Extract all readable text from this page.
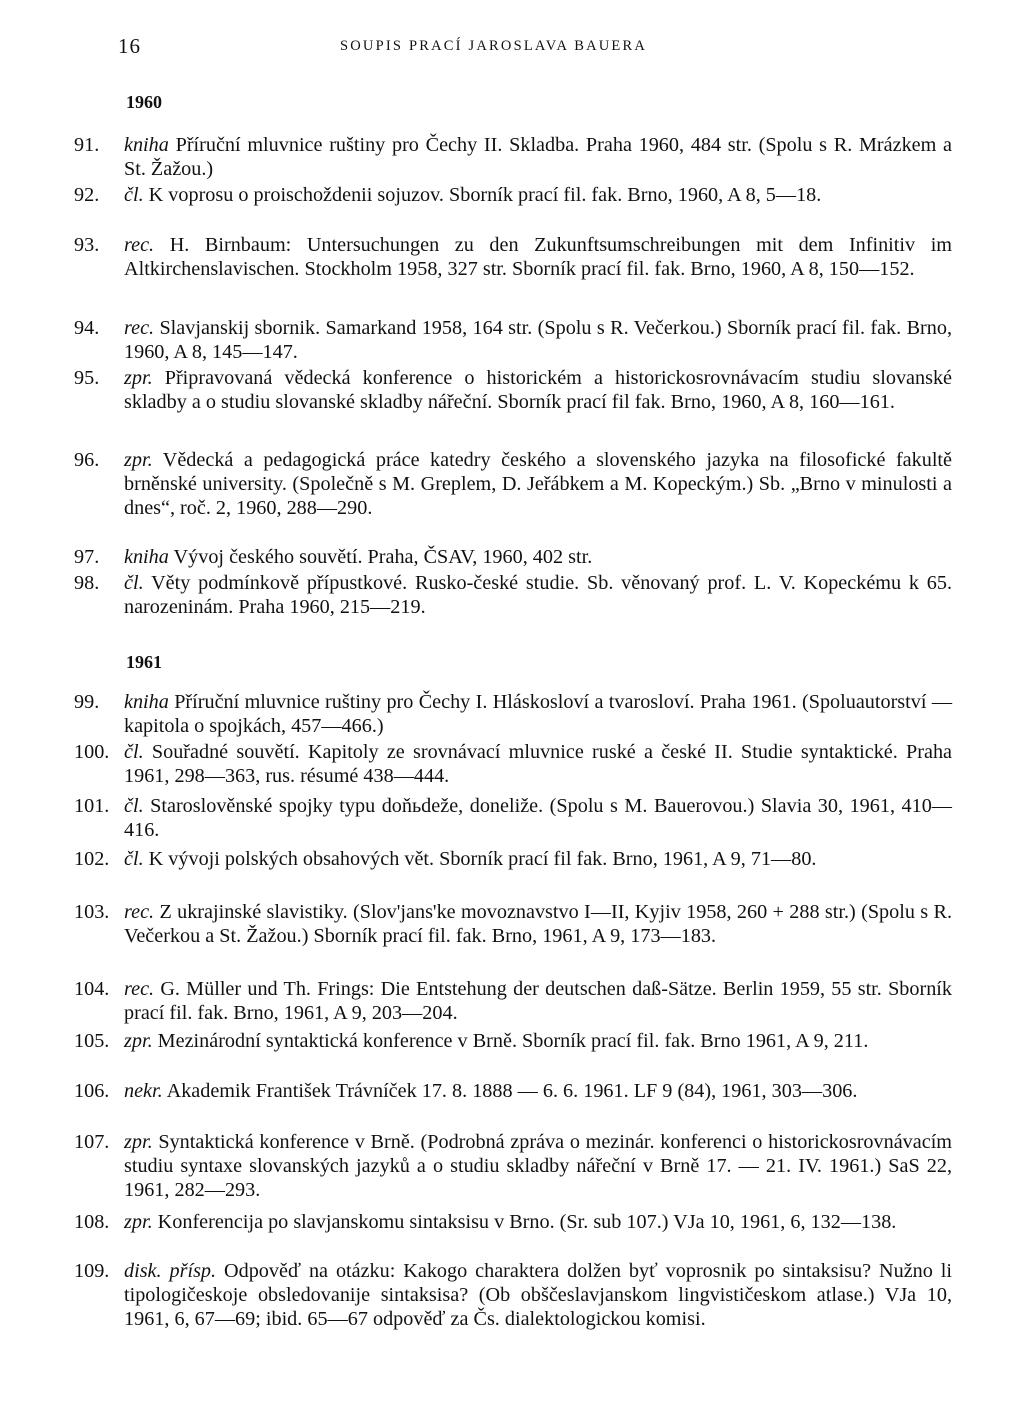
16	SOUPIS PRACÍ JAROSLAVA BAUERA
1960
91.	kniha Příruční mluvnice ruštiny pro Čechy II. Skladba. Praha 1960, 484 str. (Spolu s R. Mrázkem a St. Žažou.)
92.	čl. K voprosu o proischoždenii sojuzov. Sborník prací fil. fak. Brno, 1960, A 8, 5—18.
93.	rec. H. Birnbaum: Untersuchungen zu den Zukunftsumschreibungen mit dem Infinitiv im Altkirchenslavischen. Stockholm 1958, 327 str. Sborník prací fil. fak. Brno, 1960, A 8, 150—152.
94.	rec. Slavjanskij sbornik. Samarkand 1958, 164 str. (Spolu s R. Večerkou.) Sborník prací fil. fak. Brno, 1960, A 8, 145—147.
95.	zpr. Připravovaná vědecká konference o historickém a historickosrovnávacím studiu slovanské skladby a o studiu slovanské skladby nářeční. Sborník prací fil fak. Brno, 1960, A 8, 160—161.
96.	zpr. Vědecká a pedagogická práce katedry českého a slovenského jazyka na filosofické fakultě brněnské university. (Společně s M. Greplem, D. Jeřábkem a M. Kopeckým.) Sb. „Brno v minulosti a dnes“, roč. 2, 1960, 288—290.
97.	kniha Vývoj českého souvětí. Praha, ČSAV, 1960, 402 str.
98.	čl. Věty podmínkově přípustkové. Rusko-české studie. Sb. věnovaný prof. L. V. Kopeckému k 65. narozeninám. Praha 1960, 215—219.
1961
99.	kniha Příruční mluvnice ruštiny pro Čechy I. Hláskosloví a tvarosloví. Praha 1961. (Spoluautorství — kapitola o spojkách, 457—466.)
100. čl. Souřadné souvětí. Kapitoly ze srovnávací mluvnice ruské a české II. Studie syntaktické. Praha 1961, 298—363, rus. résumé 438—444.
101. čl. Staroslověnské spojky typu doňьdeže, doneliže. (Spolu s M. Bauerovou.) Slavia 30, 1961, 410—416.
102. čl. K vývoji polských obsahových vět. Sborník prací fil fak. Brno, 1961, A 9, 71—80.
103. rec. Z ukrajinské slavistiky. (Slov'jans'ke movoznavstvo I—II, Kyjiv 1958, 260 + 288 str.) (Spolu s R. Večerkou a St. Žažou.) Sborník prací fil. fak. Brno, 1961, A 9, 173—183.
104. rec. G. Müller und Th. Frings: Die Entstehung der deutschen daß-Sätze. Berlin 1959, 55 str. Sborník prací fil. fak. Brno, 1961, A 9, 203—204.
105. zpr. Mezinárodní syntaktická konference v Brně. Sborník prací fil. fak. Brno 1961, A 9, 211.
106. nekr. Akademik František Trávníček 17. 8. 1888 — 6. 6. 1961. LF 9 (84), 1961, 303—306.
107. zpr. Syntaktická konference v Brně. (Podrobná zpráva o mezinár. konferenci o historickosrovnávacím studiu syntaxe slovanských jazyků a o studiu skladby nářeční v Brně 17. — 21. IV. 1961.) SaS 22, 1961, 282—293.
108. zpr. Konferencija po slavjanskomu sintaksisu v Brno. (Sr. sub 107.) VJa 10, 1961, 6, 132—138.
109. disk. přísp. Odpověď na otázku: Kakogo charaktera dolžen byť voprosnik po sintaksisu? Nužno li tipologičeskoje obsledovanije sintaksisa? (Ob obščeslavjanskom lingvističeskom atlase.) VJa 10, 1961, 6, 67—69; ibid. 65—67 odpověď za Čs. dialektologickou komisi.
